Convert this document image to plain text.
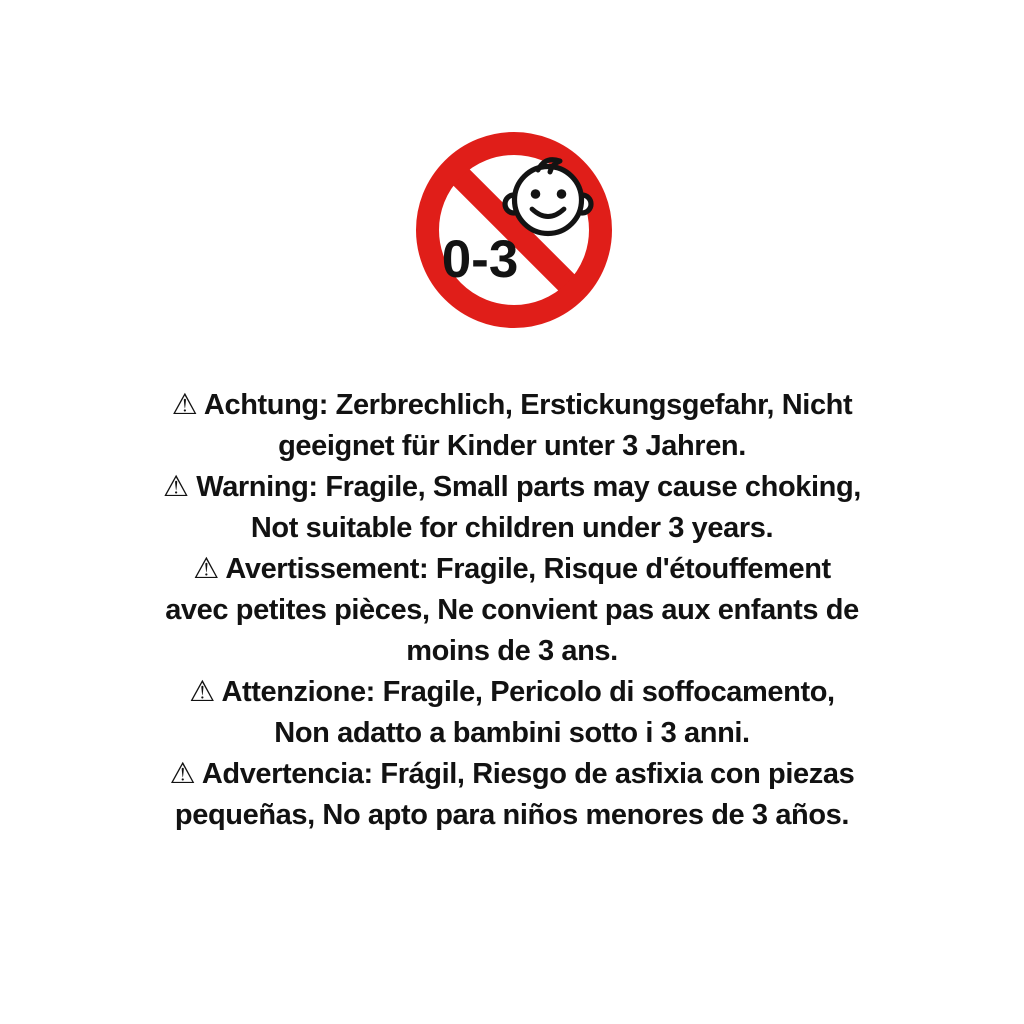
0-3
⚠ Achtung: Zerbrechlich, Erstickungsgefahr, Nicht
geeignet für Kinder unter 3 Jahren.
⚠ Warning: Fragile, Small parts may cause choking,
Not suitable for children under 3 years.
⚠ Avertissement: Fragile, Risque d'étouffement
avec petites pièces, Ne convient pas aux enfants de
moins de 3 ans.
⚠ Attenzione: Fragile, Pericolo di soffocamento,
Non adatto a bambini sotto i 3 anni.
⚠ Advertencia: Frágil, Riesgo de asfixia con piezas
pequeñas, No apto para niños menores de 3 años.
